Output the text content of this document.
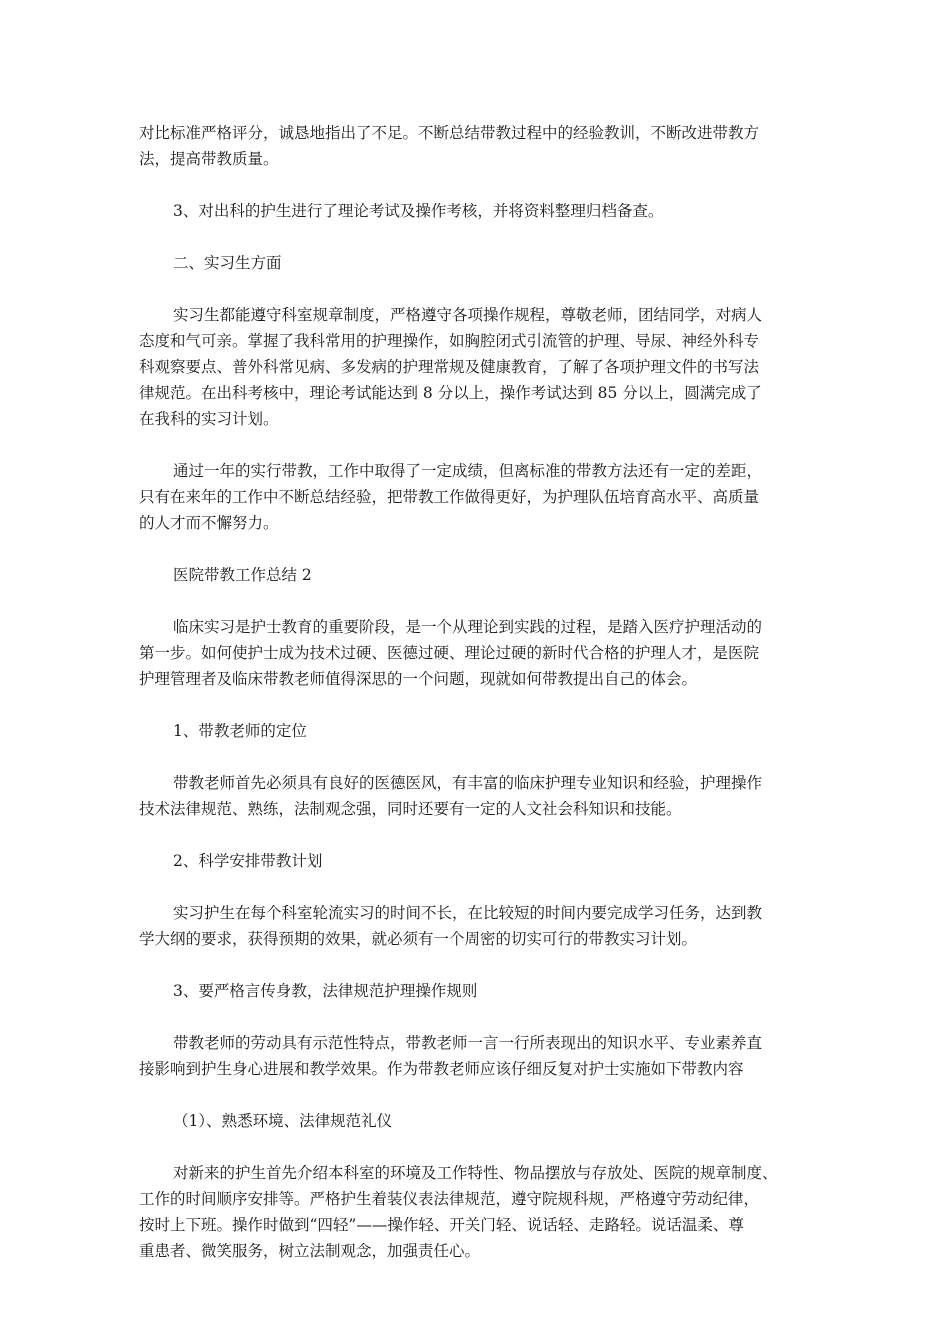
对比标准严格评分，诚恳地指出了不足。不断总结带教过程中的经验教训，不断改进带教方

法，提高带教质量。

3、对出科的护生进行了理论考试及操作考核，并将资料整理归档备查。

二、实习生方面

实习生都能遵守科室规章制度，严格遵守各项操作规程，尊敬老师，团结同学，对病人

态度和气可亲。掌握了我科常用的护理操作，如胸腔闭式引流管的护理、导尿、神经外科专

科观察要点、普外科常见病、多发病的护理常规及健康教育，了解了各项护理文件的书写法

律规范。在出科考核中，理论考试能达到 8 分以上，操作考试达到 85 分以上，圆满完成了

在我科的实习计划。

通过一年的实行带教，工作中取得了一定成绩，但离标准的带教方法还有一定的差距，

只有在来年的工作中不断总结经验，把带教工作做得更好，为护理队伍培育高水平、高质量

的人才而不懈努力。

医院带教工作总结 2

临床实习是护士教育的重要阶段，是一个从理论到实践的过程，是踏入医疗护理活动的

第一步。如何使护士成为技术过硬、医德过硬、理论过硬的新时代合格的护理人才，是医院

护理管理者及临床带教老师值得深思的一个问题，现就如何带教提出自己的体会。

1、带教老师的定位

带教老师首先必须具有良好的医德医风，有丰富的临床护理专业知识和经验，护理操作

技术法律规范、熟练，法制观念强，同时还要有一定的人文社会科知识和技能。

2、科学安排带教计划

实习护生在每个科室轮流实习的时间不长，在比较短的时间内要完成学习任务，达到教

学大纲的要求，获得预期的效果，就必须有一个周密的切实可行的带教实习计划。

3、要严格言传身教，法律规范护理操作规则

带教老师的劳动具有示范性特点，带教老师一言一行所表现出的知识水平、专业素养直

接影响到护生身心进展和教学效果。作为带教老师应该仔细反复对护士实施如下带教内容

（1）、熟悉环境、法律规范礼仪

对新来的护生首先介绍本科室的环境及工作特性、物品摆放与存放处、医院的规章制度、

工作的时间顺序安排等。严格护生着装仪表法律规范，遵守院规科规，严格遵守劳动纪律，

按时上下班。操作时做到“四轻”——操作轻、开关门轻、说话轻、走路轻。说话温柔、尊

重患者、微笑服务，树立法制观念，加强责任心。
